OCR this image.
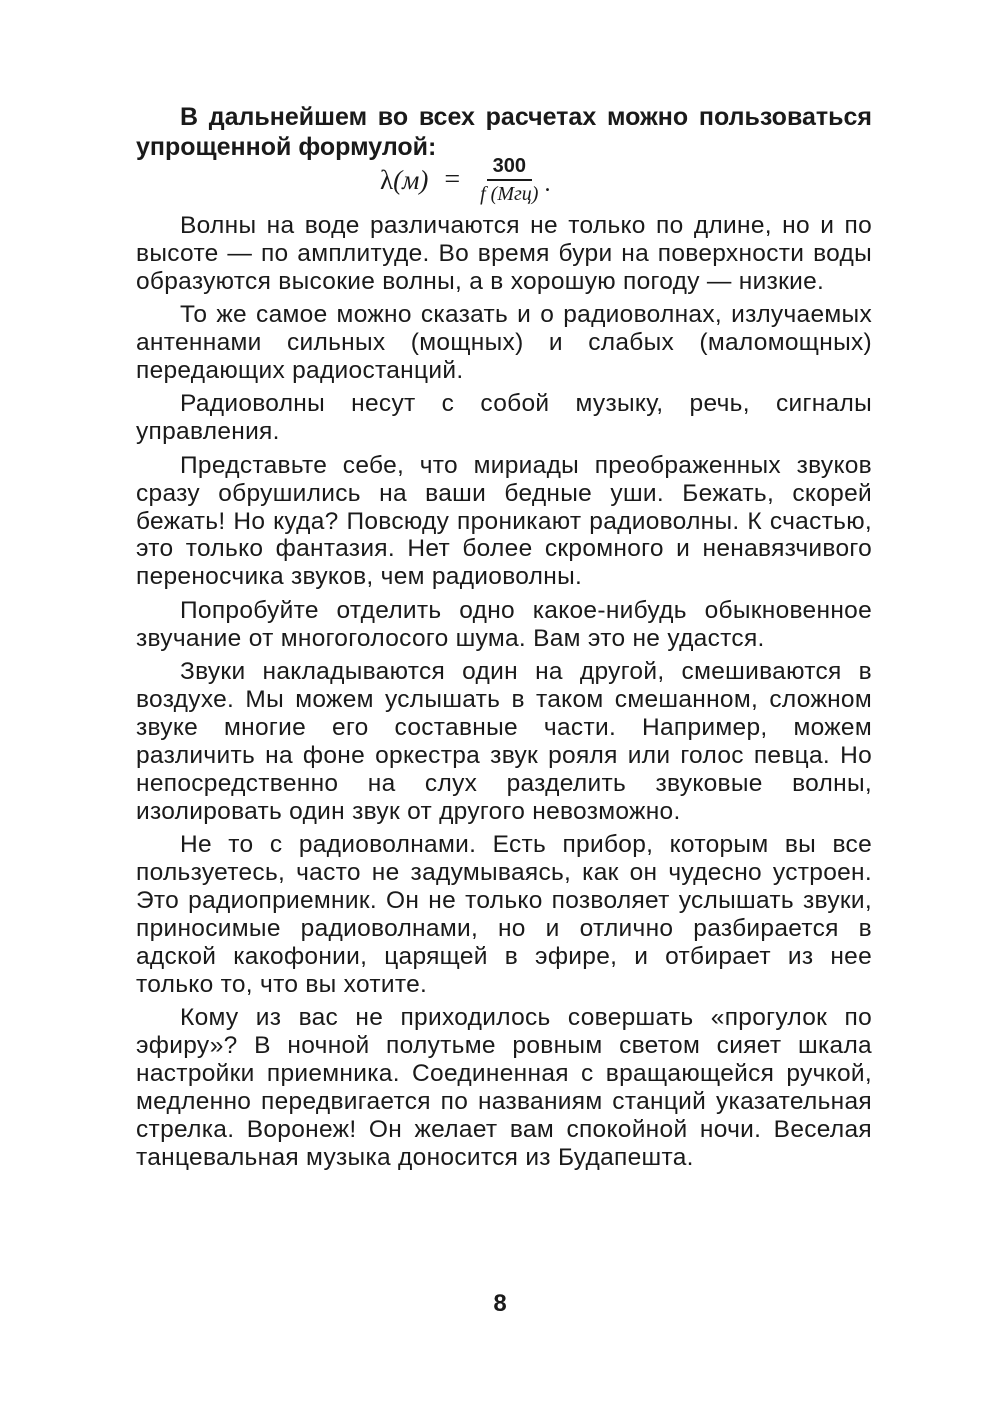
В дальнейшем во всех расчетах можно пользоваться упрощенной формулой:

$\lambda(м) = \frac{300}{\text{f (Мгц)}}$ .

Волны на воде различаются не только по длине, но и по высоте — по амплитуде. Во время бури на поверхности воды образуются высокие волны, а в хорошую погоду — низкие.

То же самое можно сказать и о радиоволнах, излучаемых антеннами сильных (мощных) и слабых (маломощных) передающих радиостанций.

Радиоволны несут с собой музыку, речь, сигналы управления.

Представьте себе, что мириады преображенных звуков сразу обрушились на ваши бедные уши. Бежать, скорей бежать! Но куда? Повсюду проникают радиоволны. К счастью, это только фантазия. Нет более скромного и ненавязчивого переносчика звуков, чем радиоволны.

Попробуйте отделить одно какое-нибудь обыкновенное звучание от многоголосого шума. Вам это не удастся.

Звуки накладываются один на другой, смешиваются в воздухе. Мы можем услышать в таком смешанном, сложном звуке многие его составные части. Например, можем различить на фоне оркестра звук рояля или голос певца. Но непосредственно на слух разделить звуковые волны, изолировать один звук от другого невозможно.

Не то с радиоволнами. Есть прибор, которым вы все пользуетесь, часто не задумываясь, как он чудесно устроен. Это радиоприемник. Он не только позволяет услышать звуки, приносимые радиоволнами, но и отлично разбирается в адской какофонии, царящей в эфире, и отбирает из нее только то, что вы хотите.

Кому из вас не приходилось совершать «прогулок по эфиру»? В ночной полутьме ровным светом сияет шкала настройки приемника. Соединенная с вращающейся ручкой, медленно передвигается по названиям станций указательная стрелка. Воронеж! Он желает вам спокойной ночи. Веселая танцевальная музыка доносится из Будапешта.

8
